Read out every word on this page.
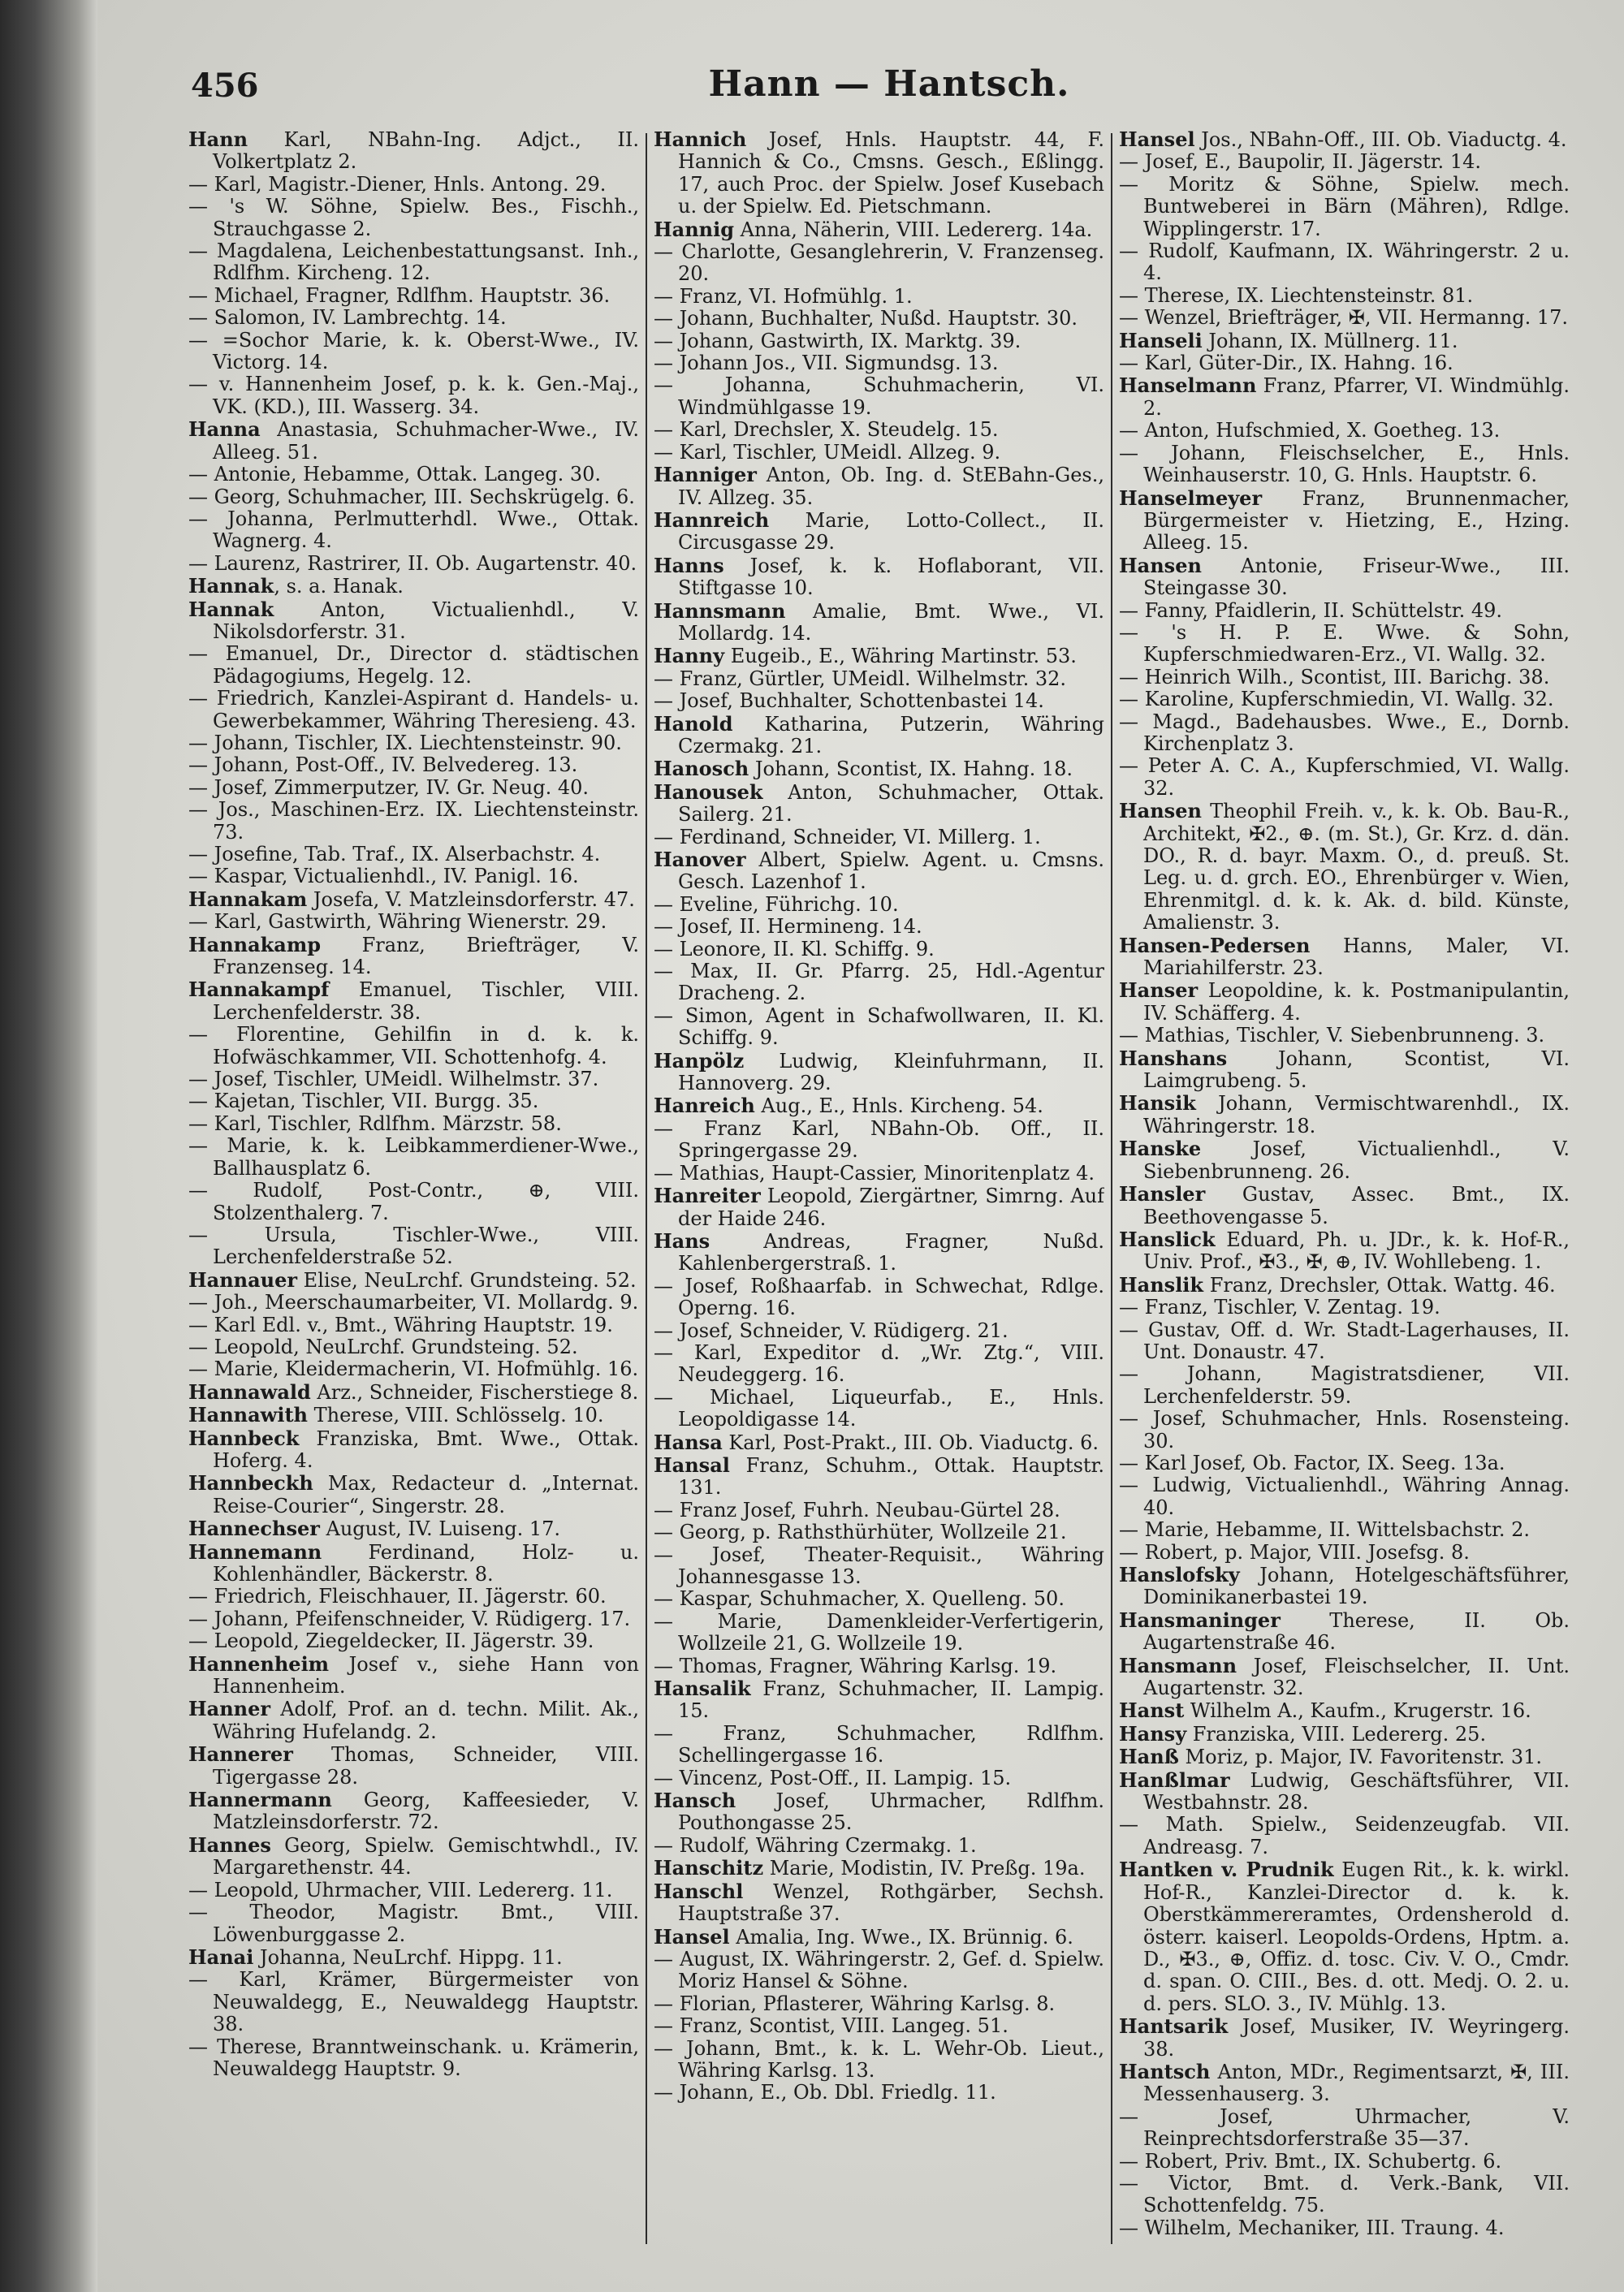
456	Hann — Hantsch.

Hann Karl, NBahn-Ing. Adjct., II. Volkertplatz 2.

— Karl, Magistr.-Diener, Hnls. Antong. 29.

— 's W. Söhne, Spielw. Bes., Fischh., Strauchgasse 2.

— Magdalena, Leichenbestattungsanst. Inh., Rdlfhm. Kircheng. 12.

— Michael, Fragner, Rdlfhm. Hauptstr. 36.

— Salomon, IV. Lambrechtg. 14.

— =Sochor Marie, k. k. Oberst-Wwe., IV. Victorg. 14.

— v. Hannenheim Josef, p. k. k. Gen.-Maj., VK. (KD.), III. Wasserg. 34.

Hanna Anastasia, Schuhmacher-Wwe., IV. Alleeg. 51.

— Antonie, Hebamme, Ottak. Langeg. 30.

— Georg, Schuhmacher, III. Sechskrügelg. 6.

— Johanna, Perlmutterhdl. Wwe., Ottak. Wagnerg. 4.

— Laurenz, Rastrirer, II. Ob. Augartenstr. 40.

Hannak, s. a. Hanak.

Hannak Anton, Victualienhdl., V. Nikolsdorferstr. 31.

— Emanuel, Dr., Director d. städtischen Pädagogiums, Hegelg. 12.

— Friedrich, Kanzlei-Aspirant d. Handels- u. Gewerbekammer, Währing Theresieng. 43.

— Johann, Tischler, IX. Liechtensteinstr. 90.

— Johann, Post-Off., IV. Belvedereg. 13.

— Josef, Zimmerputzer, IV. Gr. Neug. 40.

— Jos., Maschinen-Erz. IX. Liechtensteinstr. 73.

— Josefine, Tab. Traf., IX. Alserbachstr. 4.

— Kaspar, Victualienhdl., IV. Panigl. 16.

Hannakam Josefa, V. Matzleinsdorferstr. 47.

— Karl, Gastwirth, Währing Wienerstr. 29.

Hannakamp Franz, Briefträger, V. Franzenseg. 14.

Hannakampf Emanuel, Tischler, VIII. Lerchenfelderstr. 38.

— Florentine, Gehilfin in d. k. k. Hofwäschkammer, VII. Schottenhofg. 4.

— Josef, Tischler, UMeidl. Wilhelmstr. 37.

— Kajetan, Tischler, VII. Burgg. 35.

— Karl, Tischler, Rdlfhm. Märzstr. 58.

— Marie, k. k. Leibkammerdiener-Wwe., Ballhausplatz 6.

— Rudolf, Post-Contr., ⊕, VIII. Stolzenthalerg. 7.

— Ursula, Tischler-Wwe., VIII. Lerchenfelderstraße 52.

Hannauer Elise, NeuLrchf. Grundsteing. 52.

— Joh., Meerschaumarbeiter, VI. Mollardg. 9.

— Karl Edl. v., Bmt., Währing Hauptstr. 19.

— Leopold, NeuLrchf. Grundsteing. 52.

— Marie, Kleidermacherin, VI. Hofmühlg. 16.

Hannawald Arz., Schneider, Fischerstiege 8.

Hannawith Therese, VIII. Schlösselg. 10.

Hannbeck Franziska, Bmt. Wwe., Ottak. Hoferg. 4.

Hannbeckh Max, Redacteur d. „Internat. Reise-Courier“, Singerstr. 28.

Hannechser August, IV. Luiseng. 17.

Hannemann Ferdinand, Holz- u. Kohlenhändler, Bäckerstr. 8.

— Friedrich, Fleischhauer, II. Jägerstr. 60.

— Johann, Pfeifenschneider, V. Rüdigerg. 17.

— Leopold, Ziegeldecker, II. Jägerstr. 39.

Hannenheim Josef v., siehe Hann von Hannenheim.

Hanner Adolf, Prof. an d. techn. Milit. Ak., Währing Hufelandg. 2.

Hannerer Thomas, Schneider, VIII. Tigergasse 28.

Hannermann Georg, Kaffeesieder, V. Matzleinsdorferstr. 72.

Hannes Georg, Spielw. Gemischtwhdl., IV. Margarethenstr. 44.

— Leopold, Uhrmacher, VIII. Ledererg. 11.

— Theodor, Magistr. Bmt., VIII. Löwenburggasse 2.

Hanai Johanna, NeuLrchf. Hippg. 11.

— Karl, Krämer, Bürgermeister von Neuwaldegg, E., Neuwaldegg Hauptstr. 38.

— Therese, Branntweinschank. u. Krämerin, Neuwaldegg Hauptstr. 9.

Hannich Josef, Hnls. Hauptstr. 44, F. Hannich & Co., Cmsns. Gesch., Eßlingg. 17, auch Proc. der Spielw. Josef Kusebach u. der Spielw. Ed. Pietschmann.

Hannig Anna, Näherin, VIII. Ledererg. 14a.

— Charlotte, Gesanglehrerin, V. Franzenseg. 20.

— Franz, VI. Hofmühlg. 1.

— Johann, Buchhalter, Nußd. Hauptstr. 30.

— Johann, Gastwirth, IX. Marktg. 39.

— Johann Jos., VII. Sigmundsg. 13.

— Johanna, Schuhmacherin, VI. Windmühlgasse 19.

— Karl, Drechsler, X. Steudelg. 15.

— Karl, Tischler, UMeidl. Allzeg. 9.

Hanniger Anton, Ob. Ing. d. StEBahn-Ges., IV. Allzeg. 35.

Hannreich Marie, Lotto-Collect., II. Circusgasse 29.

Hanns Josef, k. k. Hoflaborant, VII. Stiftgasse 10.

Hannsmann Amalie, Bmt. Wwe., VI. Mollardg. 14.

Hanny Eugeib., E., Währing Martinstr. 53.

— Franz, Gürtler, UMeidl. Wilhelmstr. 32.

— Josef, Buchhalter, Schottenbastei 14.

Hanold Katharina, Putzerin, Währing Czermakg. 21.

Hanosch Johann, Scontist, IX. Hahng. 18.

Hanousek Anton, Schuhmacher, Ottak. Sailerg. 21.

— Ferdinand, Schneider, VI. Millerg. 1.

Hanover Albert, Spielw. Agent. u. Cmsns. Gesch. Lazenhof 1.

— Eveline, Führichg. 10.

— Josef, II. Hermineng. 14.

— Leonore, II. Kl. Schiffg. 9.

— Max, II. Gr. Pfarrg. 25, Hdl.-Agentur Dracheng. 2.

— Simon, Agent in Schafwollwaren, II. Kl. Schiffg. 9.

Hanpölz Ludwig, Kleinfuhrmann, II. Hannoverg. 29.

Hanreich Aug., E., Hnls. Kircheng. 54.

— Franz Karl, NBahn-Ob. Off., II. Springergasse 29.

— Mathias, Haupt-Cassier, Minoritenplatz 4.

Hanreiter Leopold, Ziergärtner, Simrng. Auf der Haide 246.

Hans Andreas, Fragner, Nußd. Kahlenbergerstraß. 1.

— Josef, Roßhaarfab. in Schwechat, Rdlge. Operng. 16.

— Josef, Schneider, V. Rüdigerg. 21.

— Karl, Expeditor d. „Wr. Ztg.“, VIII. Neudeggerg. 16.

— Michael, Liqueurfab., E., Hnls. Leopoldigasse 14.

Hansa Karl, Post-Prakt., III. Ob. Viaductg. 6.

Hansal Franz, Schuhm., Ottak. Hauptstr. 131.

— Franz Josef, Fuhrh. Neubau-Gürtel 28.

— Georg, p. Rathsthürhüter, Wollzeile 21.

— Josef, Theater-Requisit., Währing Johannesgasse 13.

— Kaspar, Schuhmacher, X. Quelleng. 50.

— Marie, Damenkleider-Verfertigerin, Wollzeile 21, G. Wollzeile 19.

— Thomas, Fragner, Währing Karlsg. 19.

Hansalik Franz, Schuhmacher, II. Lampig. 15.

— Franz, Schuhmacher, Rdlfhm. Schellingergasse 16.

— Vincenz, Post-Off., II. Lampig. 15.

Hansch Josef, Uhrmacher, Rdlfhm. Pouthongasse 25.

— Rudolf, Währing Czermakg. 1.

Hanschitz Marie, Modistin, IV. Preßg. 19a.

Hanschl Wenzel, Rothgärber, Sechsh. Hauptstraße 37.

Hansel Amalia, Ing. Wwe., IX. Brünnig. 6.

— August, IX. Währingerstr. 2, Gef. d. Spielw. Moriz Hansel & Söhne.

— Florian, Pflasterer, Währing Karlsg. 8.

— Franz, Scontist, VIII. Langeg. 51.

— Johann, Bmt., k. k. L. Wehr-Ob. Lieut., Währing Karlsg. 13.

— Johann, E., Ob. Dbl. Friedlg. 11.

Hansel Jos., NBahn-Off., III. Ob. Viaductg. 4.

— Josef, E., Baupolir, II. Jägerstr. 14.

— Moritz & Söhne, Spielw. mech. Buntweberei in Bärn (Mähren), Rdlge. Wipplingerstr. 17.

— Rudolf, Kaufmann, IX. Währingerstr. 2 u. 4.

— Therese, IX. Liechtensteinstr. 81.

— Wenzel, Briefträger, ✠, VII. Hermanng. 17.

Hanseli Johann, IX. Müllnerg. 11.

— Karl, Güter-Dir., IX. Hahng. 16.

Hanselmann Franz, Pfarrer, VI. Windmühlg. 2.

— Anton, Hufschmied, X. Goetheg. 13.

— Johann, Fleischselcher, E., Hnls. Weinhauserstr. 10, G. Hnls. Hauptstr. 6.

Hanselmeyer Franz, Brunnenmacher, Bürgermeister v. Hietzing, E., Hzing. Alleeg. 15.

Hansen Antonie, Friseur-Wwe., III. Steingasse 30.

— Fanny, Pfaidlerin, II. Schüttelstr. 49.

— 's H. P. E. Wwe. & Sohn, Kupferschmiedwaren-Erz., VI. Wallg. 32.

— Heinrich Wilh., Scontist, III. Barichg. 38.

— Karoline, Kupferschmiedin, VI. Wallg. 32.

— Magd., Badehausbes. Wwe., E., Dornb. Kirchenplatz 3.

— Peter A. C. A., Kupferschmied, VI. Wallg. 32.

Hansen Theophil Freih. v., k. k. Ob. Bau-R., Architekt, ✠2., ⊕. (m. St.), Gr. Krz. d. dän. DO., R. d. bayr. Maxm. O., d. preuß. St. Leg. u. d. grch. EO., Ehrenbürger v. Wien, Ehrenmitgl. d. k. k. Ak. d. bild. Künste, Amalienstr. 3.

Hansen-Pedersen Hanns, Maler, VI. Mariahilferstr. 23.

Hanser Leopoldine, k. k. Postmanipulantin, IV. Schäfferg. 4.

— Mathias, Tischler, V. Siebenbrunneng. 3.

Hanshans Johann, Scontist, VI. Laimgrubeng. 5.

Hansik Johann, Vermischtwarenhdl., IX. Währingerstr. 18.

Hanske Josef, Victualienhdl., V. Siebenbrunneng. 26.

Hansler Gustav, Assec. Bmt., IX. Beethovengasse 5.

Hanslick Eduard, Ph. u. JDr., k. k. Hof-R., Univ. Prof., ✠3., ✠, ⊕, IV. Wohllebeng. 1.

Hanslik Franz, Drechsler, Ottak. Wattg. 46.

— Franz, Tischler, V. Zentag. 19.

— Gustav, Off. d. Wr. Stadt-Lagerhauses, II. Unt. Donaustr. 47.

— Johann, Magistratsdiener, VII. Lerchenfelderstr. 59.

— Josef, Schuhmacher, Hnls. Rosensteing. 30.

— Karl Josef, Ob. Factor, IX. Seeg. 13a.

— Ludwig, Victualienhdl., Währing Annag. 40.

— Marie, Hebamme, II. Wittelsbachstr. 2.

— Robert, p. Major, VIII. Josefsg. 8.

Hanslofsky Johann, Hotelgeschäftsführer, Dominikanerbastei 19.

Hansmaninger Therese, II. Ob. Augartenstraße 46.

Hansmann Josef, Fleischselcher, II. Unt. Augartenstr. 32.

Hanst Wilhelm A., Kaufm., Krugerstr. 16.

Hansy Franziska, VIII. Ledererg. 25.

Hanß Moriz, p. Major, IV. Favoritenstr. 31.

Hanßlmar Ludwig, Geschäftsführer, VII. Westbahnstr. 28.

— Math. Spielw., Seidenzeugfab. VII. Andreasg. 7.

Hantken v. Prudnik Eugen Rit., k. k. wirkl. Hof-R., Kanzlei-Director d. k. k. Oberstkämmereramtes, Ordensherold d. österr. kaiserl. Leopolds-Ordens, Hptm. a. D., ✠3., ⊕, Offiz. d. tosc. Civ. V. O., Cmdr. d. span. O. CIII., Bes. d. ott. Medj. O. 2. u. d. pers. SLO. 3., IV. Mühlg. 13.

Hantsarik Josef, Musiker, IV. Weyringerg. 38.

Hantsch Anton, MDr., Regimentsarzt, ✠, III. Messenhauserg. 3.

— Josef, Uhrmacher, V. Reinprechtsdorferstraße 35—37.

— Robert, Priv. Bmt., IX. Schubertg. 6.

— Victor, Bmt. d. Verk.-Bank, VII. Schottenfeldg. 75.

— Wilhelm, Mechaniker, III. Traung. 4.
